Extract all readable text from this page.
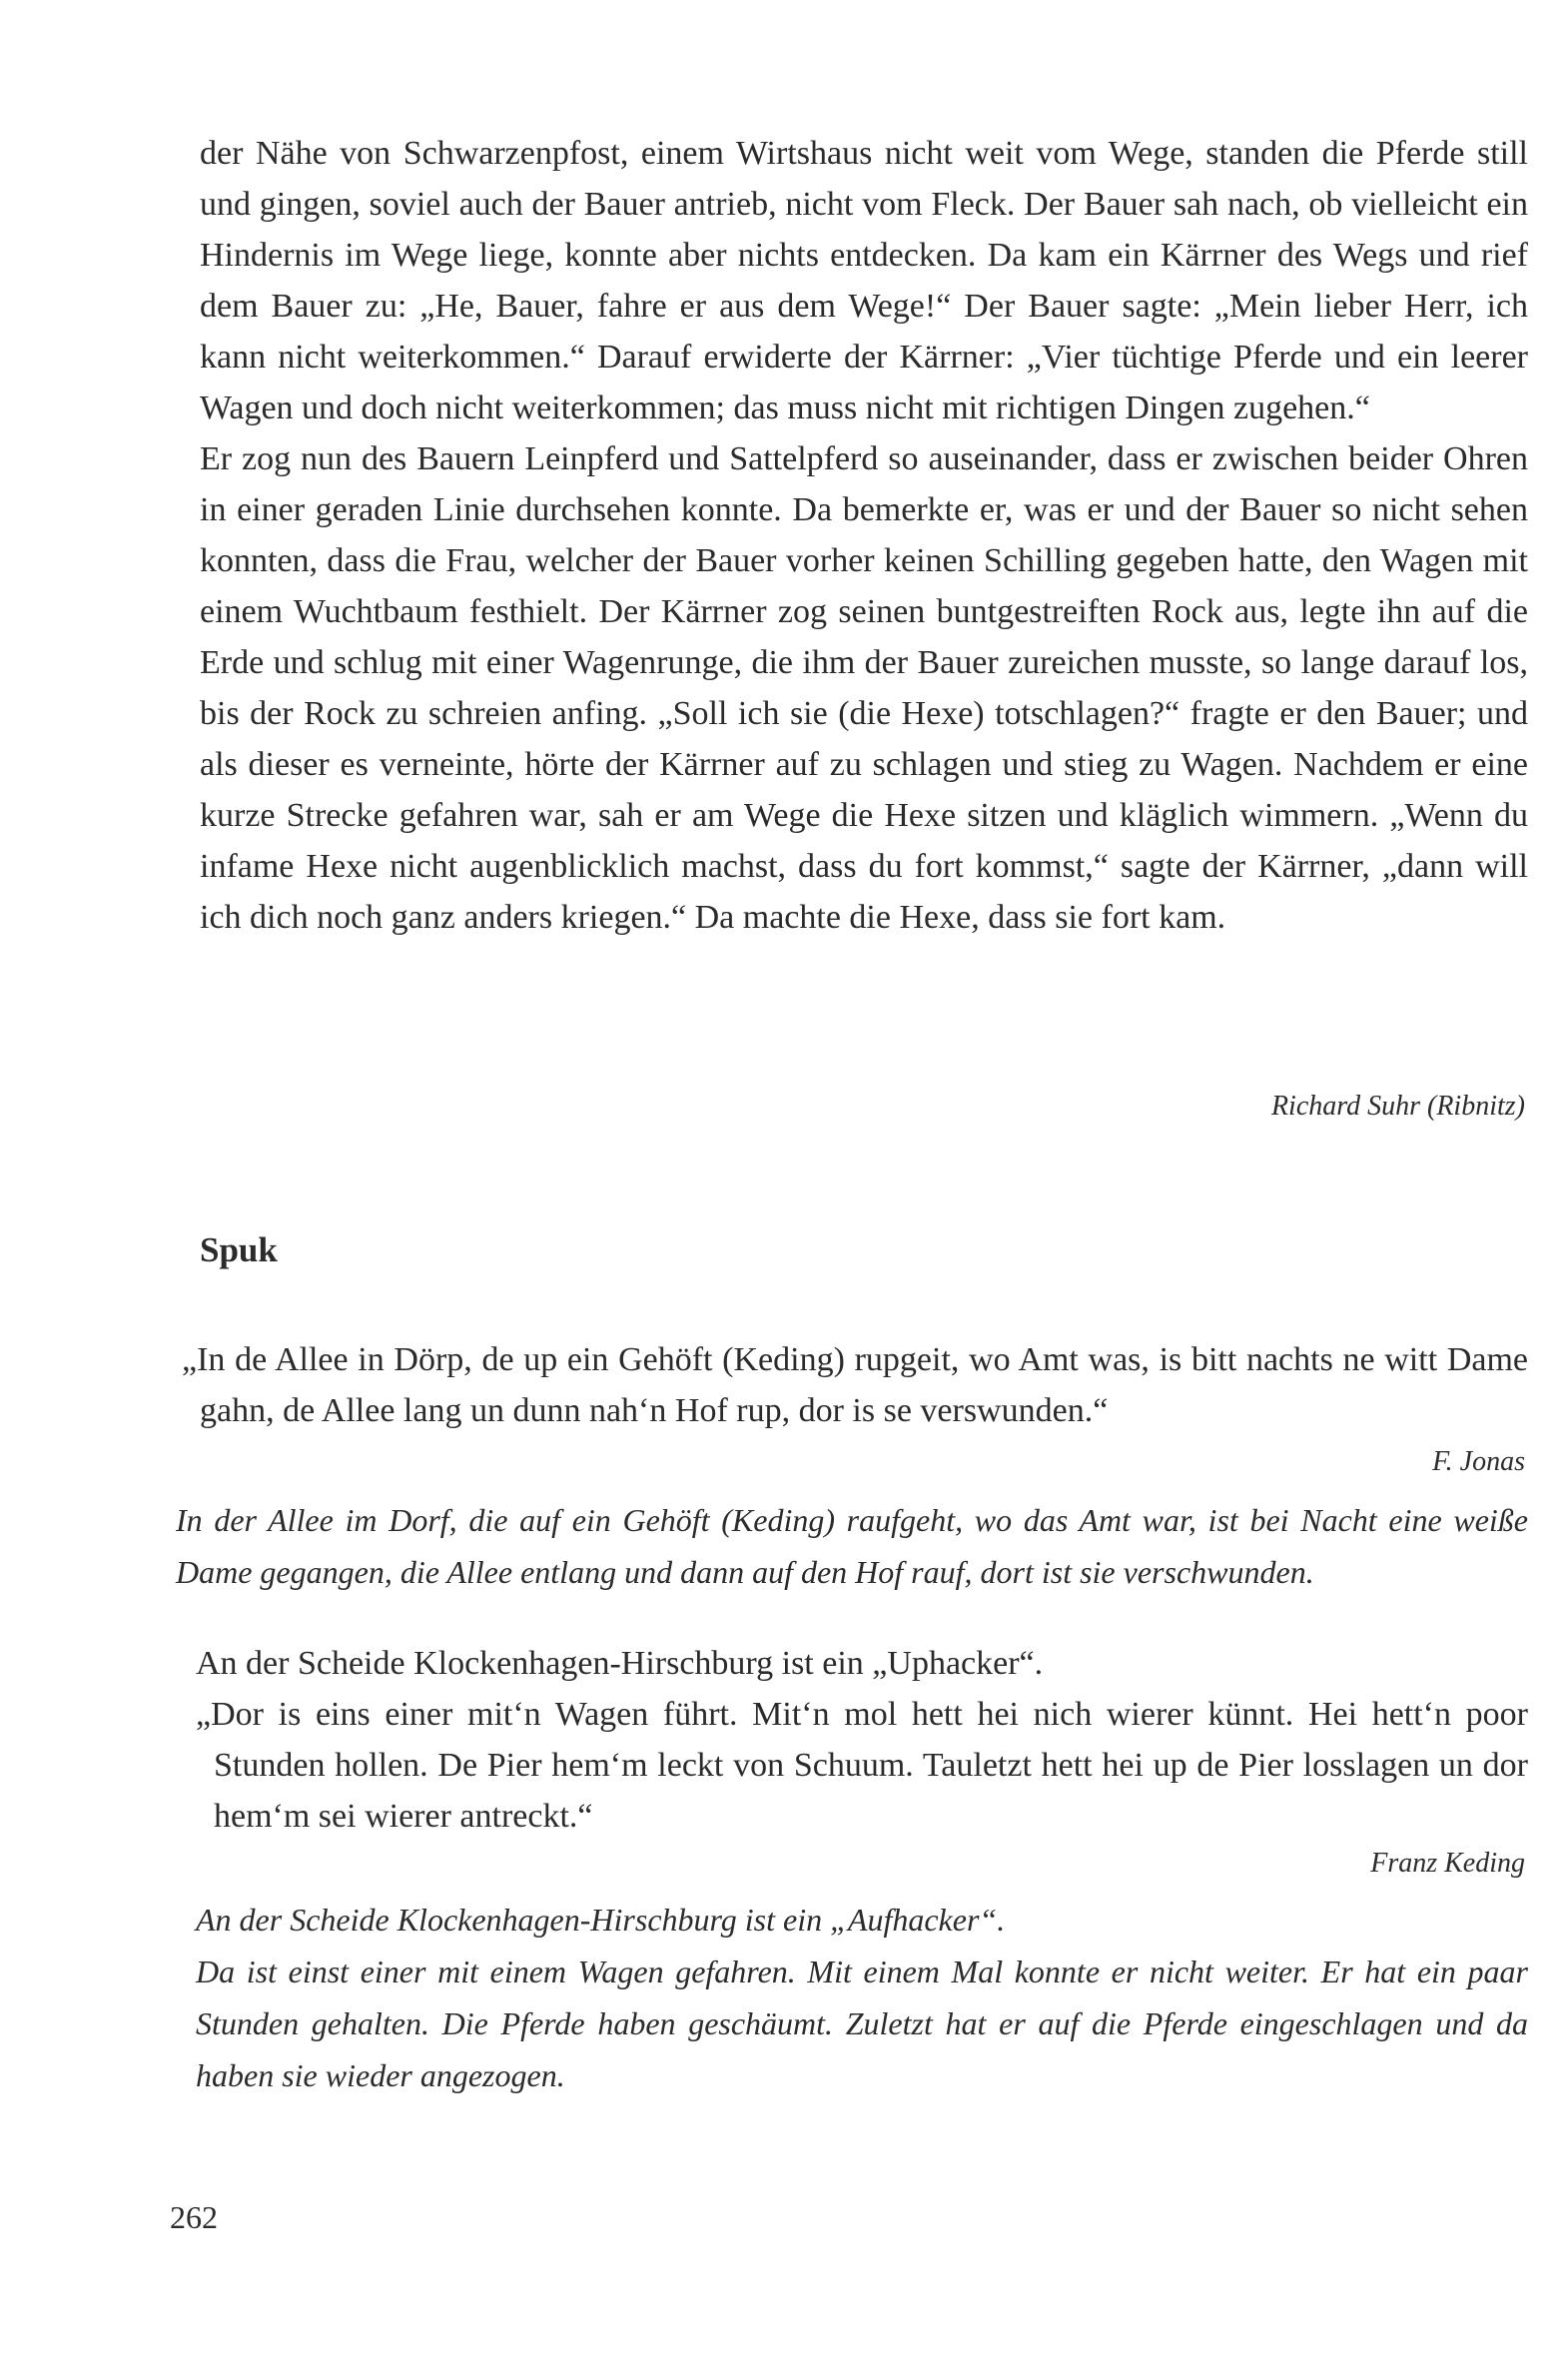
der Nähe von Schwarzenpfost, einem Wirtshaus nicht weit vom Wege, standen die Pferde still und gingen, soviel auch der Bauer antrieb, nicht vom Fleck. Der Bauer sah nach, ob vielleicht ein Hindernis im Wege liege, konnte aber nichts entdecken. Da kam ein Kärrner des Wegs und rief dem Bauer zu: „He, Bauer, fahre er aus dem Wege!“ Der Bauer sagte: „Mein lieber Herr, ich kann nicht weiterkommen.“ Darauf erwiderte der Kärrner: „Vier tüchtige Pferde und ein leerer Wagen und doch nicht weiterkommen; das muss nicht mit richtigen Dingen zugehen.“

Er zog nun des Bauern Leinpferd und Sattelpferd so auseinander, dass er zwischen beider Ohren in einer geraden Linie durchsehen konnte. Da bemerkte er, was er und der Bauer so nicht sehen konnten, dass die Frau, welcher der Bauer vorher keinen Schilling gegeben hatte, den Wagen mit einem Wuchtbaum festhielt. Der Kärrner zog seinen buntgestreiften Rock aus, legte ihn auf die Erde und schlug mit einer Wagenrunge, die ihm der Bauer zureichen musste, so lange darauf los, bis der Rock zu schreien anfing. „Soll ich sie (die Hexe) totschlagen?“ fragte er den Bauer; und als dieser es verneinte, hörte der Kärrner auf zu schlagen und stieg zu Wagen. Nachdem er eine kurze Strecke gefahren war, sah er am Wege die Hexe sitzen und kläglich wimmern. „Wenn du infame Hexe nicht augenblicklich machst, dass du fort kommst,“ sagte der Kärrner, „dann will ich dich noch ganz anders kriegen.“ Da machte die Hexe, dass sie fort kam.

Richard Suhr (Ribnitz)
Spuk

„In de Allee in Dörp, de up ein Gehöft (Keding) rupgeit, wo Amt was, is bitt nachts ne witt Dame gahn, de Allee lang un dunn nah‘n Hof rup, dor is se verswunden.“

F. Jonas

In der Allee im Dorf, die auf ein Gehöft (Keding) raufgeht, wo das Amt war, ist bei Nacht eine weiße Dame gegangen, die Allee entlang und dann auf den Hof rauf, dort ist sie verschwunden.

An der Scheide Klockenhagen-Hirschburg ist ein „Uphacker“.

„Dor is eins einer mit‘n Wagen führt. Mit‘n mol hett hei nich wierer künnt. Hei hett‘n poor Stunden hollen. De Pier hem‘m leckt von Schuum. Tauletzt hett hei up de Pier losslagen un dor hem‘m sei wierer antreckt.“

Franz Keding

An der Scheide Klockenhagen-Hirschburg ist ein „Aufhacker“.

Da ist einst einer mit einem Wagen gefahren. Mit einem Mal konnte er nicht weiter. Er hat ein paar Stunden gehalten. Die Pferde haben geschäumt. Zuletzt hat er auf die Pferde eingeschlagen und da haben sie wieder angezogen.

262
